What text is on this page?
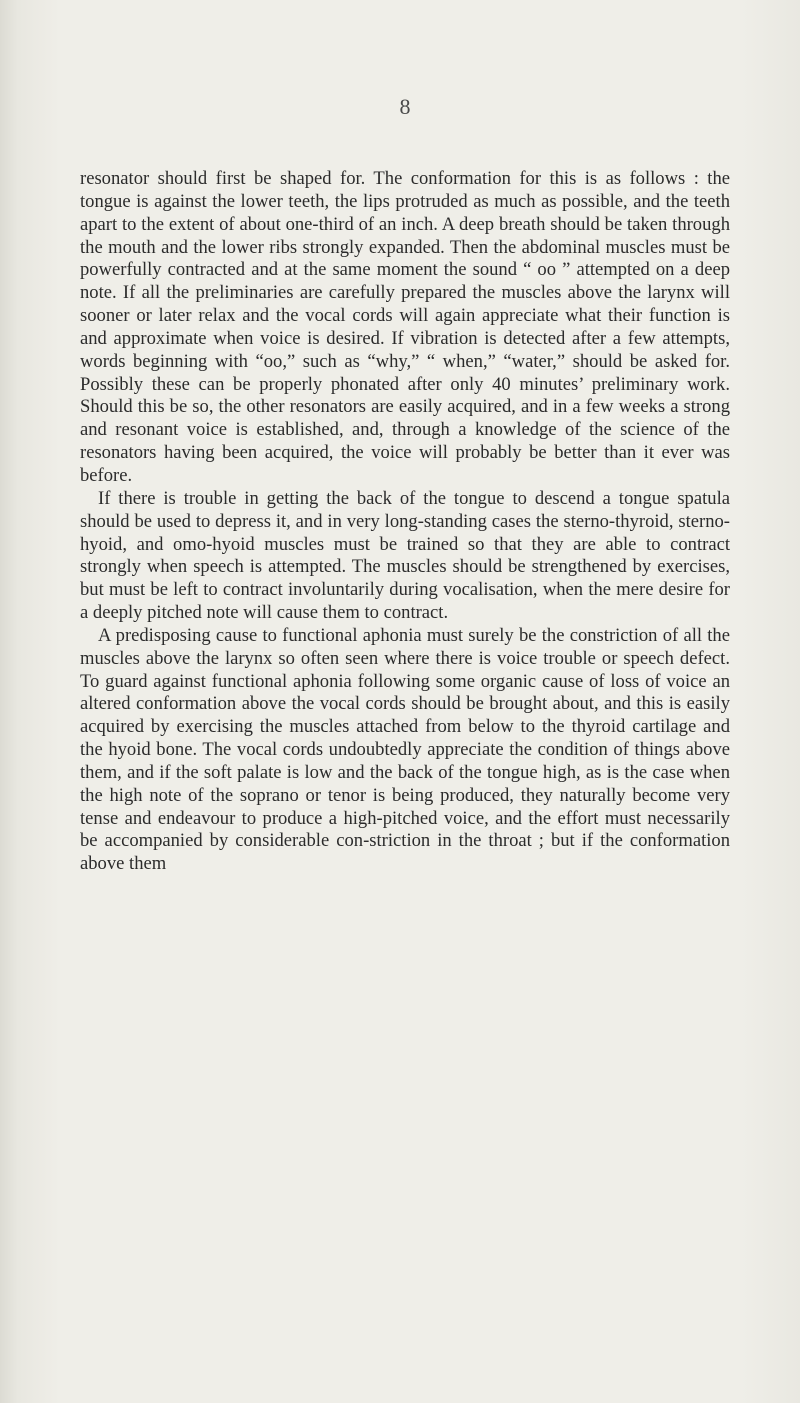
8

resonator should first be shaped for. The conformation for this is as follows : the tongue is against the lower teeth, the lips protruded as much as possible, and the teeth apart to the extent of about one-third of an inch. A deep breath should be taken through the mouth and the lower ribs strongly expanded. Then the abdominal muscles must be powerfully contracted and at the same moment the sound “ oo ” attempted on a deep note. If all the preliminaries are carefully prepared the muscles above the larynx will sooner or later relax and the vocal cords will again appreciate what their function is and approximate when voice is desired. If vibration is detected after a few attempts, words beginning with “oo,” such as “why,” “ when,” “water,” should be asked for. Possibly these can be properly phonated after only 40 minutes’ preliminary work. Should this be so, the other resonators are easily acquired, and in a few weeks a strong and resonant voice is established, and, through a knowledge of the science of the resonators having been acquired, the voice will probably be better than it ever was before.

If there is trouble in getting the back of the tongue to descend a tongue spatula should be used to depress it, and in very long-standing cases the sterno-thyroid, sterno-hyoid, and omo-hyoid muscles must be trained so that they are able to contract strongly when speech is attempted. The muscles should be strengthened by exercises, but must be left to contract involuntarily during vocalisation, when the mere desire for a deeply pitched note will cause them to contract.

A predisposing cause to functional aphonia must surely be the constriction of all the muscles above the larynx so often seen where there is voice trouble or speech defect. To guard against functional aphonia following some organic cause of loss of voice an altered conformation above the vocal cords should be brought about, and this is easily acquired by exercising the muscles attached from below to the thyroid cartilage and the hyoid bone. The vocal cords undoubtedly appreciate the condition of things above them, and if the soft palate is low and the back of the tongue high, as is the case when the high note of the soprano or tenor is being produced, they naturally become very tense and endeavour to produce a high-pitched voice, and the effort must necessarily be accompanied by considerable con-striction in the throat ; but if the conformation above them
